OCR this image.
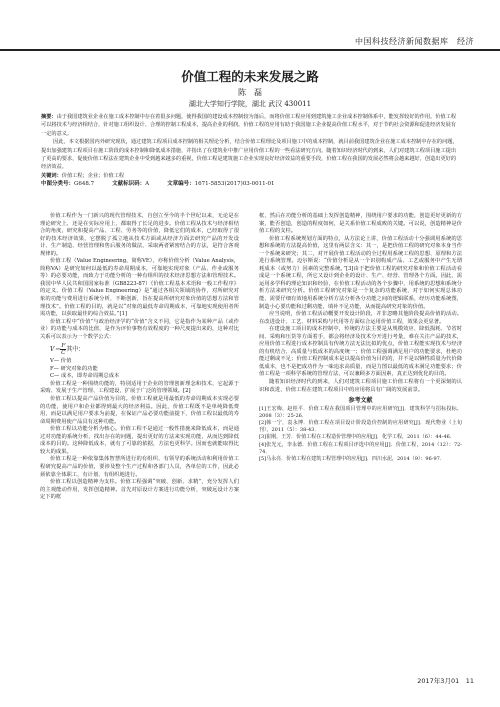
中国科技经济新闻数据库　经济
价值工程的未来发展之路
陈　磊
湖北大学知行学院，湖北 武汉 430011

摘要：由于我国建筑业企业在施工成本控制中存在着很多问题，使得我国的建设成本控制较为落后，而将价值工程应用到建筑施工企业成本控制体系中，能发挥较好的作用。价值工程可以将技术与经济相结合，针对施工组织设计、合理的控制工程成本，提高企业的利润。价值工程的应用有助于我国施工企业提高价值工程水平，对于节约社会资源和促进经济发展有一定的意义。

因此，本文根据国内外研究现状，通过建筑工程项目成本控制的相关理论分析，结合价值工程理论及项目施工中的成本控制，就目前我国建筑企业在施工成本控制中存在的问题，提出加强建筑工程项目在施工阶段的成本控制和降低成本措施，并指出了在建筑业中推广应用价值工程的一些看法研究方向。随着知识经济时代的到来，人们对建筑工程项目施工提出了更高的要求，促使价值工程法在建筑企业中受到越来越多的重视，价值工程是建筑施工企业实现良好经济效益的重要手段，价值工程在我国的发展必然将会越来越好，创造出更好的经济效益。

关键词：价值工程；企业；价值工程

中图分类号：G648.7	文献标识码：A	文章编号：1671-5853(2017)03-0011-01

价值工程作为一门新兴的现代管理技术，自创立至今的半个世纪以来，无论是在理论研究上，还是在实际应用上，都取得了长足的进步。价值工程从技术与经济相结合的角度，研究和提高产品、工程、劳务等的价值，降低它们的成本，已经取得了很好的技术经济效果，它摆脱了孤立地从技术方面或从经济方面去研究产品的开发设计、生产制造、经营管理和售后服务的做法，采取两者紧密结合的方法，是符合客观规律的。

价值工程（Value Engineering，简称VE），亦称价值分析（Value Analysis，简称VA）是研究如何以最低的寿命周期成本，可靠地实现对象（产品、作业或服务等）的必要功能，而致力于功能分析的一种有组织的技术经济思想方法和管理技术。我国中华人民共和国国家标准（GB8223-87）《价值工程基本术语和一般工作程序》的定义，价值工程（Value Engineering）是“通过各相关领域的协作，对所研究对象的功能与费用进行系统分析，不断创新，旨在提高所研究对象价值的思想方法和管理技术”。价值工程的目的，就是以“对象的最低寿命周期成本，可靠地实现使用者所需功能，以获取最佳的综合效益。”[1]

价值工程中“价值”与政治经济学的“价值”含义不同，它是指作为某种产品（或作业）的功能与成本的比值，是作为评价事物有效程度的一种尺度提出来的，这种对比关系可以表示为一个数学公式：

$V= \frac{F}{C}$ 其中：
V— 价值
F— 研究对象的功能
C— 成本，即寿命周期总成本

价值工程是一种围绕功能的，特别适用于企业的管理创新理念和技术，它起源于采购、发展于生产管理、工程建设，扩展于广泛的管理领域。[2]

价值工程以提高产品价值为目的。价值工程就是用最低的寿命周期成本实现必要的功能，使用户和企业都得到最大的经济利益。因此，价值工程既不是单纯降低费用，而是以满足用户要求为前提，在保证产品必要功能前提下，价值工程以最低的寿命周期费用使产品具有这种功能。

价值工程以功能分析为核心。价值工程不是通过一般性措施来降低成本，而是通过对功能的系统分析，找出存在的问题，提出更好的方法来实现功能，从而达到降低成本的目的。这种降低成本，就有了可靠的依据，方法也更科学。因而也就能取得比较大的成果。

价值工程是一种依靠集体智慧所进行的有组织、有领导的系统活动和利用价值工程研究提高产品的价值，要涉及整个生产过程和各部门人员，各单位的工作，因此必须依靠全体职工，有计划、有组织地进行。

价值工程以创造精神为支柱。价值工程强调“突破、创新、求精”，充分发挥人们的主观能动作用，发挥创造精神。首先对原设计方案进行功能分析，突破远设计方案定下的框

框，然后在功能分析的基础上发挥创造精神，围绕用户要求的功能，创造更好更新的方案，能否创造，创造的程度如何，是关系价值工程成败的关键。可以说，创造精神是价值工程的支柱。

价值工程系统规划方面的特点，从方法论上讲，价值工程活动十分强调用系统的思想和系统的方法提高价值，这里有两层含义：其一，是把价值工程的研究对象本身当作一个系统来研究；其二，对开展价值工程活动的全过程用系统工程的思想、原理和方法进行系统管理。迈尔斯说：“价值分析是从一个识别构成产品、工艺或服务中产生无谓耗成本（或努力）因素的完整系统。”[3]由于把价值工程的研究对象和价值工程活动看成是一个系统工程，所它又设计到企业的设计、生产、经营、管理各个方面。因此，需运用多学科的理论知识和经验，在价值工程活动的各个步骤中，用系统的思想和系统分析方法来研究分析。价值工程研究对象是一个复杂的功能系统，对于如何实现总体功能，需要仔细有效地用系统分析方法分析各分功能之间的逻辑联系，经历功能系统图，制造小心要功能和过剩功能，填补不足功能，从而提高研究对象的价值。

应当说明，价值工程活动概要开发设计阶段，并非忽略其他阶段提高价值的活动。在改进设计、工艺、材料采购与代用等方面综合运用价值工程，效果会更显著。

在建设施工项目的成本控制中，传统的方法主要是从规模效应、降低损耗、节省时间、采购和压货等方面着手，都会将经济及技术分开进行考量，难在关注产品的技术，应用价值工程进行成本控制具有传统方法无法比拟的优点，价值工程能实现技术与经济的有机结合，高质量与低成本的高度统一；价值工程强调满足用户的功能要求，杜绝功能过剩或不足；价值工程控制成本是以提高价值为目的的，并不是以牺牲质量为代价降低成本，也不是把成功作为一味追求高质量，而是力图以最低的成本满足功能要求；价值工程是一项科学系统的管理方法，可以兼顾多方面因素，真正达到优化的目的。

随着知识经济时代的到来，人们对建筑工程项目施工价值工程将有一个更深刻的认识和改进，价值工程在建筑工程项目中的应用将具有广阔的发展前景。

参考文献

[1]王宏梅，赵桂平．价值工程在我国项目管理中的应用研究[J]．建筑科学与招标投标，2008（3）：25-26．

[2]韩一宁，袁永博．价值工程在项目设计阶段造价控制的应用研究[J]．现代物业（上旬刊），2011（5）：38-43．

[3]崔刚，王芳．价值工程在工程造价管理中的应用[J]．化学工程，2011（6）：44-46．

[4]张光元，李永德．价值工程在工程项目评选中的应用[J]．价值工程，2014（12）：72-74．

[5]马永亮．价值工程在建筑工程管理中的应用[J]．四川水泥，2014（9）：96-97．

2017年3月01　11
